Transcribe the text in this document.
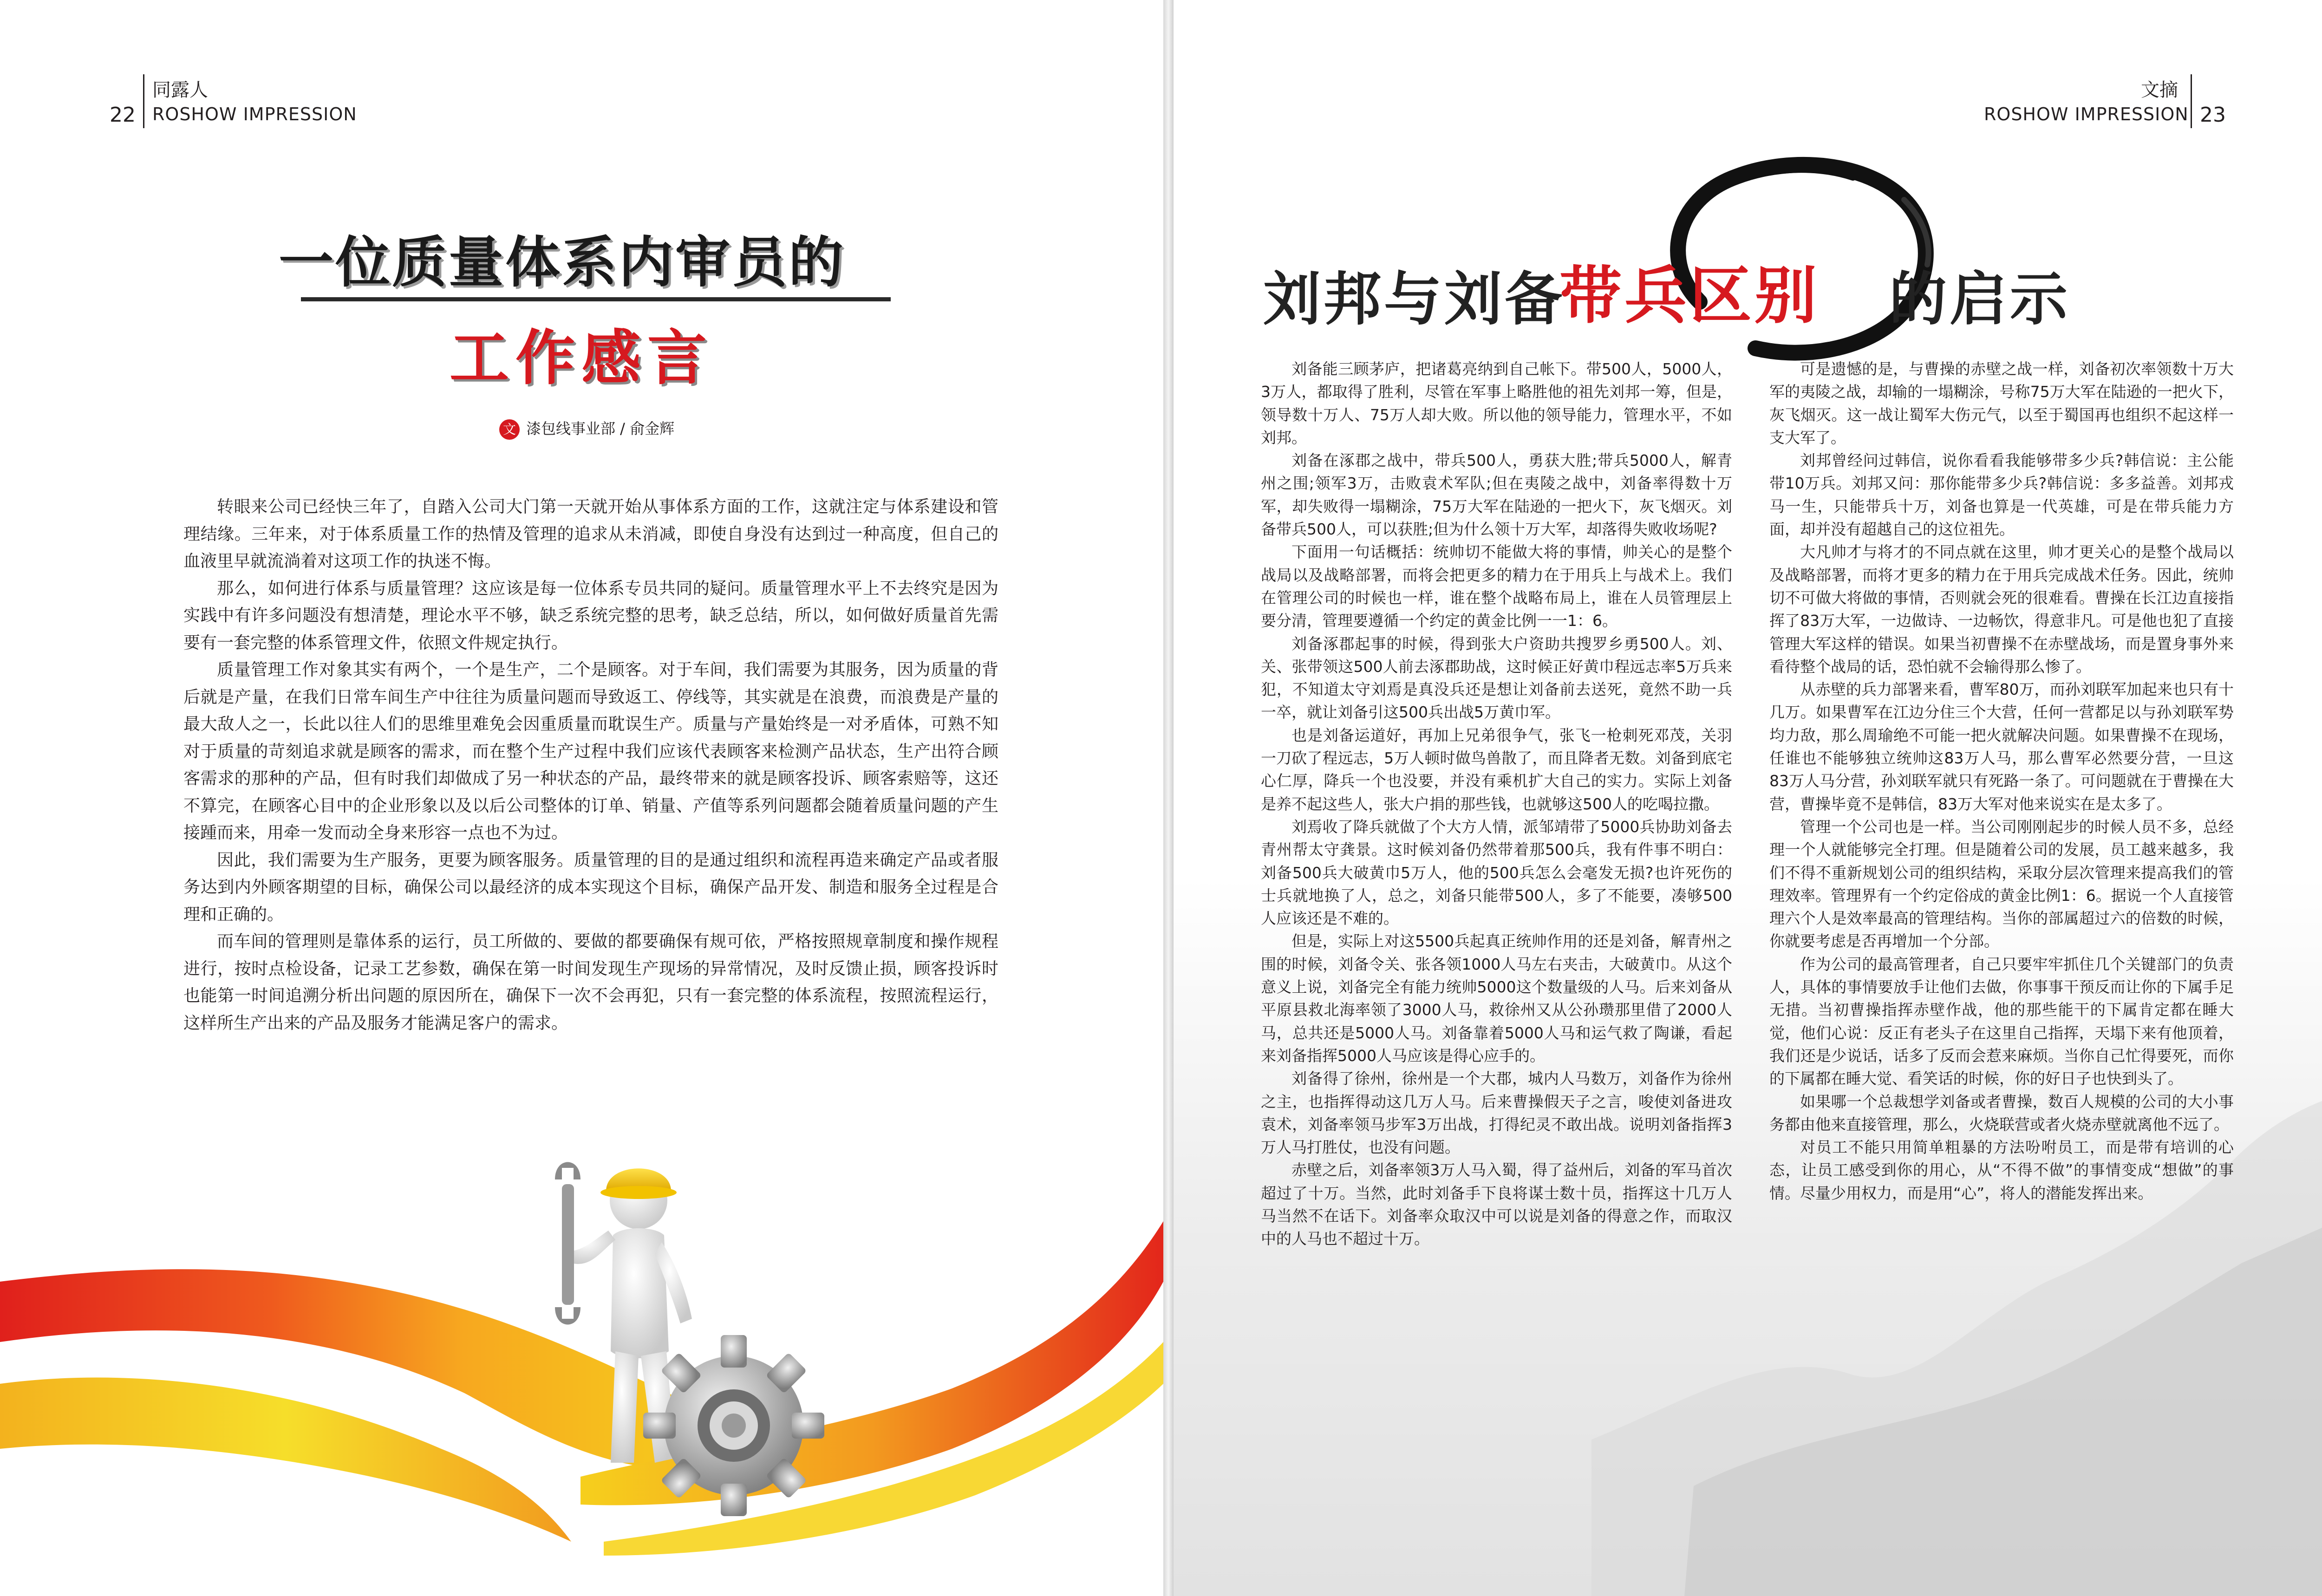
同露人
ROSHOW IMPRESSION
22
一位质量体系内审员的
工作感言
文 漆包线事业部 / 俞金辉

转眼来公司已经快三年了，自踏入公司大门第一天就开始从事体系方面的工作，这就注定与体系建设和管理结缘。三年来，对于体系质量工作的热情及管理的追求从未消减，即使自身没有达到过一种高度，但自己的血液里早就流淌着对这项工作的执迷不悔。

那么，如何进行体系与质量管理？这应该是每一位体系专员共同的疑问。质量管理水平上不去终究是因为实践中有许多问题没有想清楚，理论水平不够，缺乏系统完整的思考，缺乏总结，所以，如何做好质量首先需要有一套完整的体系管理文件，依照文件规定执行。

质量管理工作对象其实有两个，一个是生产，二个是顾客。对于车间，我们需要为其服务，因为质量的背后就是产量，在我们日常车间生产中往往为质量问题而导致返工、停线等，其实就是在浪费，而浪费是产量的最大敌人之一，长此以往人们的思维里难免会因重质量而耽误生产。质量与产量始终是一对矛盾体，可熟不知对于质量的苛刻追求就是顾客的需求，而在整个生产过程中我们应该代表顾客来检测产品状态，生产出符合顾客需求的那种的产品，但有时我们却做成了另一种状态的产品，最终带来的就是顾客投诉、顾客索赔等，这还不算完，在顾客心目中的企业形象以及以后公司整体的订单、销量、产值等系列问题都会随着质量问题的产生接踵而来，用牵一发而动全身来形容一点也不为过。

因此，我们需要为生产服务，更要为顾客服务。质量管理的目的是通过组织和流程再造来确定产品或者服务达到内外顾客期望的目标，确保公司以最经济的成本实现这个目标，确保产品开发、制造和服务全过程是合理和正确的。

而车间的管理则是靠体系的运行，员工所做的、要做的都要确保有规可依，严格按照规章制度和操作规程进行，按时点检设备，记录工艺参数，确保在第一时间发现生产现场的异常情况，及时反馈止损，顾客投诉时也能第一时间追溯分析出问题的原因所在，确保下一次不会再犯，只有一套完整的体系流程，按照流程运行，这样所生产出来的产品及服务才能满足客户的需求。

文摘
ROSHOW IMPRESSION 23
刘邦与刘备
带兵区别 的启示

刘备能三顾茅庐，把诸葛亮纳到自己帐下。带500人，5000人，3万人，都取得了胜利，尽管在军事上略胜他的祖先刘邦一筹，但是，领导数十万人、75万人却大败。所以他的领导能力，管理水平，不如刘邦。

刘备在涿郡之战中，带兵500人，勇获大胜;带兵5000人，解青州之围;领军3万，击败袁术军队;但在夷陵之战中，刘备率得数十万军，却失败得一塌糊涂，75万大军在陆逊的一把火下，灰飞烟灭。刘备带兵500人，可以获胜;但为什么领十万大军，却落得失败收场呢?

下面用一句话概括：统帅切不能做大将的事情，帅关心的是整个战局以及战略部署，而将会把更多的精力在于用兵上与战术上。我们在管理公司的时候也一样，谁在整个战略布局上，谁在人员管理层上要分清，管理要遵循一个约定的黄金比例一一1：6。

刘备涿郡起事的时候，得到张大户资助共搜罗乡勇500人。刘、关、张带领这500人前去涿郡助战，这时候正好黄巾程远志率5万兵来犯，不知道太守刘焉是真没兵还是想让刘备前去送死，竟然不助一兵一卒，就让刘备引这500兵出战5万黄巾军。

也是刘备运道好，再加上兄弟很争气，张飞一枪刺死邓茂，关羽一刀砍了程远志，5万人顿时做鸟兽散了，而且降者无数。刘备到底宅心仁厚，降兵一个也没要，并没有乘机扩大自己的实力。实际上刘备是养不起这些人，张大户捐的那些钱，也就够这500人的吃喝拉撒。

刘焉收了降兵就做了个大方人情，派邹靖带了5000兵协助刘备去青州帮太守龚景。这时候刘备仍然带着那500兵，我有件事不明白：刘备500兵大破黄巾5万人，他的500兵怎么会毫发无损?也许死伤的士兵就地换了人，总之，刘备只能带500人，多了不能要，凑够500人应该还是不难的。

但是，实际上对这5500兵起真正统帅作用的还是刘备，解青州之围的时候，刘备令关、张各领1000人马左右夹击，大破黄巾。从这个意义上说，刘备完全有能力统帅5000这个数量级的人马。后来刘备从平原县救北海率领了3000人马，救徐州又从公孙瓒那里借了2000人马，总共还是5000人马。刘备靠着5000人马和运气救了陶谦，看起来刘备指挥5000人马应该是得心应手的。

刘备得了徐州，徐州是一个大郡，城内人马数万，刘备作为徐州之主，也指挥得动这几万人马。后来曹操假天子之言，唆使刘备进攻袁术，刘备率领马步军3万出战，打得纪灵不敢出战。说明刘备指挥3万人马打胜仗，也没有问题。

赤壁之后，刘备率领3万人马入蜀，得了益州后，刘备的军马首次超过了十万。当然，此时刘备手下良将谋士数十员，指挥这十几万人马当然不在话下。刘备率众取汉中可以说是刘备的得意之作，而取汉中的人马也不超过十万。

可是遗憾的是，与曹操的赤壁之战一样，刘备初次率领数十万大军的夷陵之战，却输的一塌糊涂，号称75万大军在陆逊的一把火下，灰飞烟灭。这一战让蜀军大伤元气，以至于蜀国再也组织不起这样一支大军了。

刘邦曾经问过韩信，说你看看我能够带多少兵?韩信说：主公能带10万兵。刘邦又问：那你能带多少兵?韩信说：多多益善。刘邦戎马一生，只能带兵十万，刘备也算是一代英雄，可是在带兵能力方面，却并没有超越自己的这位祖先。

大凡帅才与将才的不同点就在这里，帅才更关心的是整个战局以及战略部署，而将才更多的精力在于用兵完成战术任务。因此，统帅切不可做大将做的事情，否则就会死的很难看。曹操在长江边直接指挥了83万大军，一边做诗、一边畅饮，得意非凡。可是他也犯了直接管理大军这样的错误。如果当初曹操不在赤壁战场，而是置身事外来看待整个战局的话，恐怕就不会输得那么惨了。

从赤壁的兵力部署来看，曹军80万，而孙刘联军加起来也只有十几万。如果曹军在江边分住三个大营，任何一营都足以与孙刘联军势均力敌，那么周瑜绝不可能一把火就解决问题。如果曹操不在现场，任谁也不能够独立统帅这83万人马，那么曹军必然要分营，一旦这83万人马分营，孙刘联军就只有死路一条了。可问题就在于曹操在大营，曹操毕竟不是韩信，83万大军对他来说实在是太多了。

管理一个公司也是一样。当公司刚刚起步的时候人员不多，总经理一个人就能够完全打理。但是随着公司的发展，员工越来越多，我们不得不重新规划公司的组织结构，采取分层次管理来提高我们的管理效率。管理界有一个约定俗成的黄金比例1：6。据说一个人直接管理六个人是效率最高的管理结构。当你的部属超过六的倍数的时候，你就要考虑是否再增加一个分部。

作为公司的最高管理者，自己只要牢牢抓住几个关键部门的负责人，具体的事情要放手让他们去做，你事事干预反而让你的下属手足无措。当初曹操指挥赤壁作战，他的那些能干的下属肯定都在睡大觉，他们心说：反正有老头子在这里自己指挥，天塌下来有他顶着，我们还是少说话，话多了反而会惹来麻烦。当你自己忙得要死，而你的下属都在睡大觉、看笑话的时候，你的好日子也快到头了。

如果哪一个总裁想学刘备或者曹操，数百人规模的公司的大小事务都由他来直接管理，那么，火烧联营或者火烧赤壁就离他不远了。

对员工不能只用简单粗暴的方法吩咐员工，而是带有培训的心态，让员工感受到你的用心，从“不得不做”的事情变成“想做”的事情。尽量少用权力，而是用“心”，将人的潜能发挥出来。
